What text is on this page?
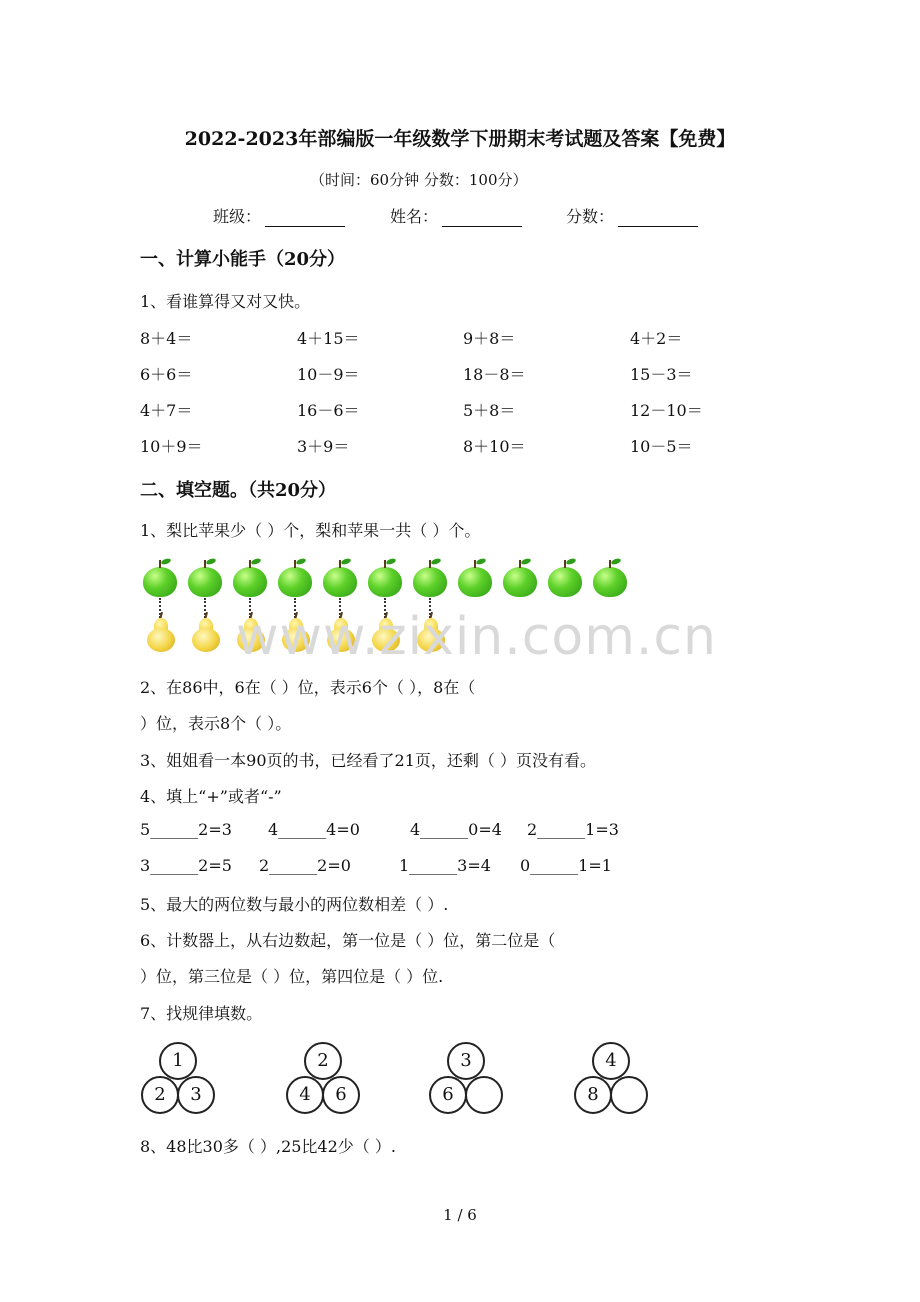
2022-2023年部编版一年级数学下册期末考试题及答案【免费】
（时间：60分钟 分数：100分）
班级：	姓名：	分数：
一、计算小能手（20分）
1、看谁算得又对又快。
8＋4＝	4＋15＝	9＋8＝	4＋2＝
6＋6＝	10－9＝	18－8＝	15－3＝
4＋7＝	16－6＝	5＋8＝	12－10＝
10＋9＝	3＋9＝	8＋10＝	10－5＝
二、填空题。（共20分）
1、梨比苹果少（ ）个，梨和苹果一共（ ）个。
www.zixin.com.cn
2、在86中，6在（ ）位，表示6个（ ），8在（
）位，表示8个（ ）。
3、姐姐看一本90页的书，已经看了21页，还剩（ ）页没有看。
4、填上“+”或者“-”
5______2=3 4______4=0	4______0=4 2______1=3
3______2=5 2______2=0	1______3=4 0______1=1
5、最大的两位数与最小的两位数相差（ ）.
6、计数器上，从右边数起，第一位是（ ）位，第二位是（
）位，第三位是（ ）位，第四位是（ ）位.
7、找规律填数。
1
2	3
2
4	6
3
6
4
8
8、48比30多（ ）,25比42少（ ）.
1 / 6
